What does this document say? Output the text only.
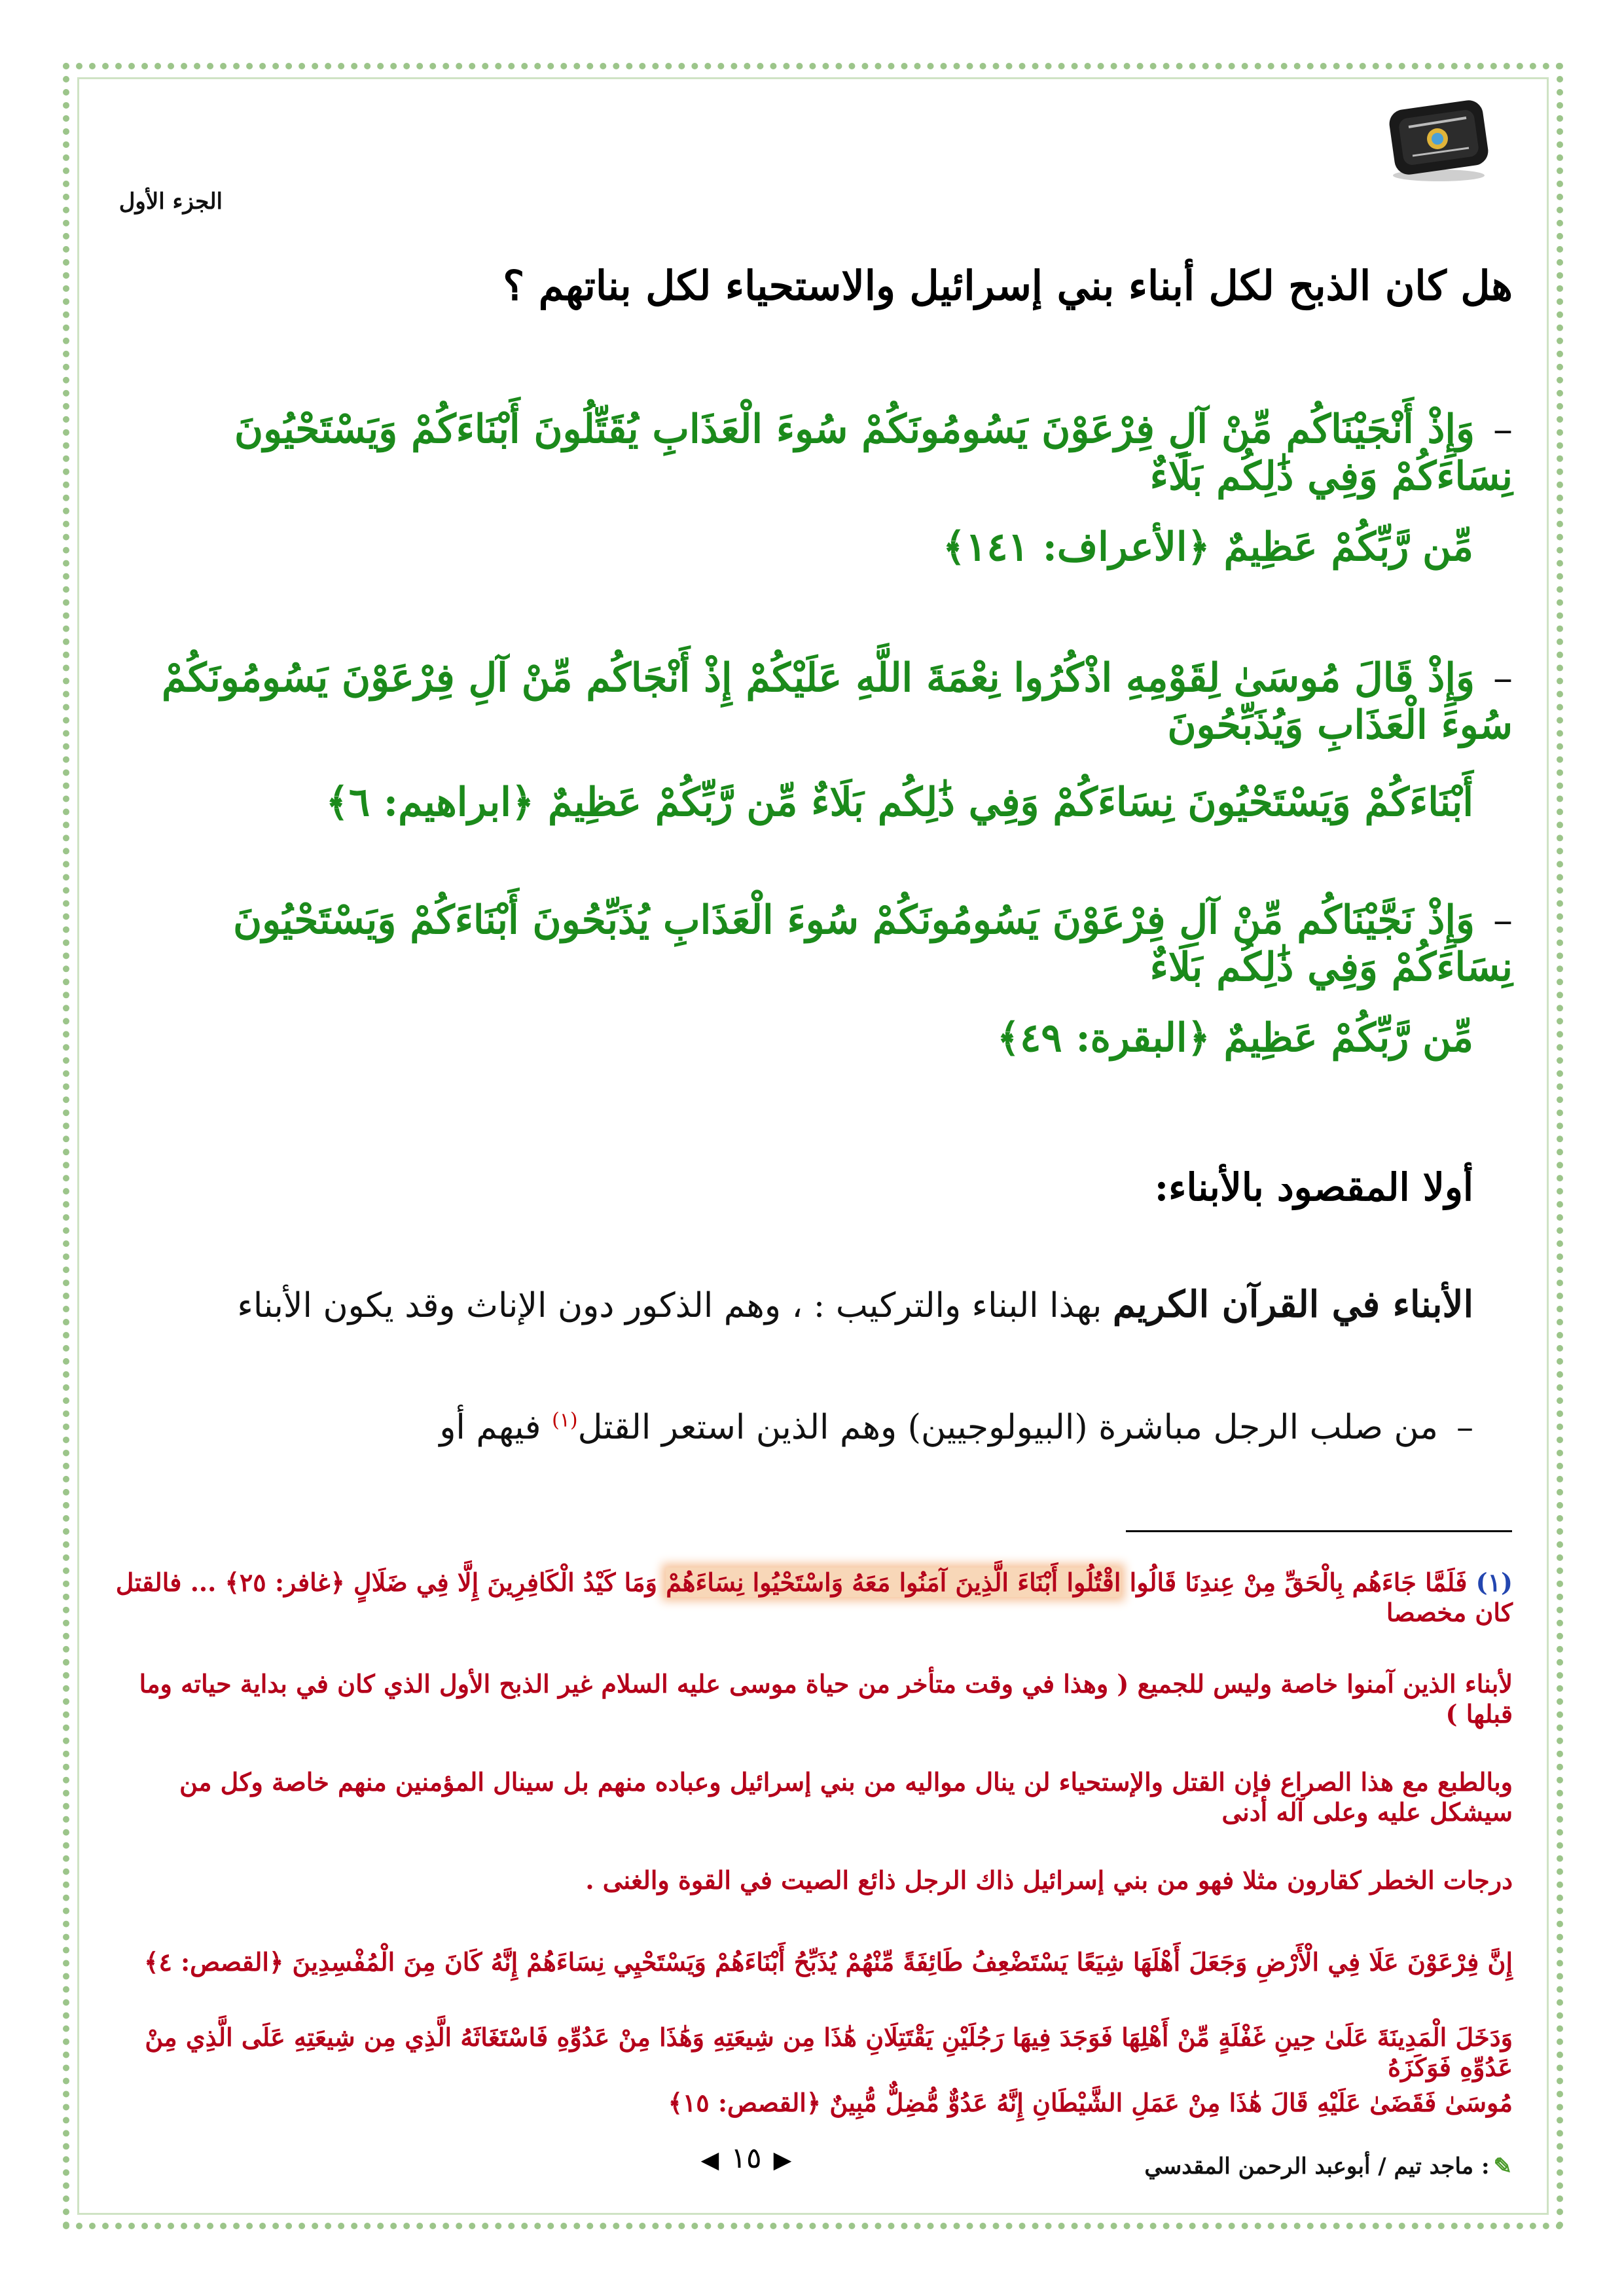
الجزء الأول
هل كان الذبح لكل أبناء بني إسرائيل والاستحياء لكل بناتهم ؟
–وَإِذْ أَنْجَيْنَاكُم مِّنْ آلِ فِرْعَوْنَ يَسُومُونَكُمْ سُوءَ الْعَذَابِ يُقَتِّلُونَ أَبْنَاءَكُمْ وَيَسْتَحْيُونَ نِسَاءَكُمْ وَفِي ذَٰلِكُم بَلَاءٌ
مِّن رَّبِّكُمْ عَظِيمٌ ﴿الأعراف: ١٤١﴾
–وَإِذْ قَالَ مُوسَىٰ لِقَوْمِهِ اذْكُرُوا نِعْمَةَ اللَّهِ عَلَيْكُمْ إِذْ أَنْجَاكُم مِّنْ آلِ فِرْعَوْنَ يَسُومُونَكُمْ سُوءَ الْعَذَابِ وَيُذَبِّحُونَ
أَبْنَاءَكُمْ وَيَسْتَحْيُونَ نِسَاءَكُمْ وَفِي ذَٰلِكُم بَلَاءٌ مِّن رَّبِّكُمْ عَظِيمٌ ﴿ابراهيم: ٦﴾
–وَإِذْ نَجَّيْنَاكُم مِّنْ آلِ فِرْعَوْنَ يَسُومُونَكُمْ سُوءَ الْعَذَابِ يُذَبِّحُونَ أَبْنَاءَكُمْ وَيَسْتَحْيُونَ نِسَاءَكُمْ وَفِي ذَٰلِكُم بَلَاءٌ
مِّن رَّبِّكُمْ عَظِيمٌ ﴿البقرة: ٤٩﴾
أولا المقصود بالأبناء:
الأبناء في القرآن الكريم بهذا البناء والتركيب : ، وهم الذكور دون الإناث وقد يكون الأبناء
–من صلب الرجل مباشرة (البيولوجيين) وهم الذين استعر القتل$^{(١)}$ فيهم أو
(١) فَلَمَّا جَاءَهُم بِالْحَقِّ مِنْ عِندِنَا قَالُوا اقْتُلُوا أَبْنَاءَ الَّذِينَ آمَنُوا مَعَهُ وَاسْتَحْيُوا نِسَاءَهُمْ وَمَا كَيْدُ الْكَافِرِينَ إِلَّا فِي ضَلَالٍ ﴿غافر: ٢٥﴾ ... فالقتل كان مخصصا
لأبناء الذين آمنوا خاصة وليس للجميع ( وهذا في وقت متأخر من حياة موسى عليه السلام غير الذبح الأول الذي كان في بداية حياته وما قبلها )
وبالطبع مع هذا الصراع فإن القتل والإستحياء لن ينال مواليه من بني إسرائيل وعباده منهم بل سينال المؤمنين منهم خاصة وكل من سيشكل عليه وعلى آله أدنى
درجات الخطر كقارون مثلا فهو من بني إسرائيل ذاك الرجل ذائع الصيت في القوة والغنى .
إِنَّ فِرْعَوْنَ عَلَا فِي الْأَرْضِ وَجَعَلَ أَهْلَهَا شِيَعًا يَسْتَضْعِفُ طَائِفَةً مِّنْهُمْ يُذَبِّحُ أَبْنَاءَهُمْ وَيَسْتَحْيِي نِسَاءَهُمْ إِنَّهُ كَانَ مِنَ الْمُفْسِدِينَ ﴿القصص: ٤﴾
وَدَخَلَ الْمَدِينَةَ عَلَىٰ حِينِ غَفْلَةٍ مِّنْ أَهْلِهَا فَوَجَدَ فِيهَا رَجُلَيْنِ يَقْتَتِلَانِ هَٰذَا مِن شِيعَتِهِ وَهَٰذَا مِنْ عَدُوِّهِ فَاسْتَغَاثَهُ الَّذِي مِن شِيعَتِهِ عَلَى الَّذِي مِنْ عَدُوِّهِ فَوَكَزَهُ
مُوسَىٰ فَقَضَىٰ عَلَيْهِ قَالَ هَٰذَا مِنْ عَمَلِ الشَّيْطَانِ إِنَّهُ عَدُوٌّ مُّضِلٌّ مُّبِينٌ ﴿القصص: ١٥﴾
◀ ١٥ ▶	✎: ماجد تيم / أبوعبد الرحمن المقدسي
